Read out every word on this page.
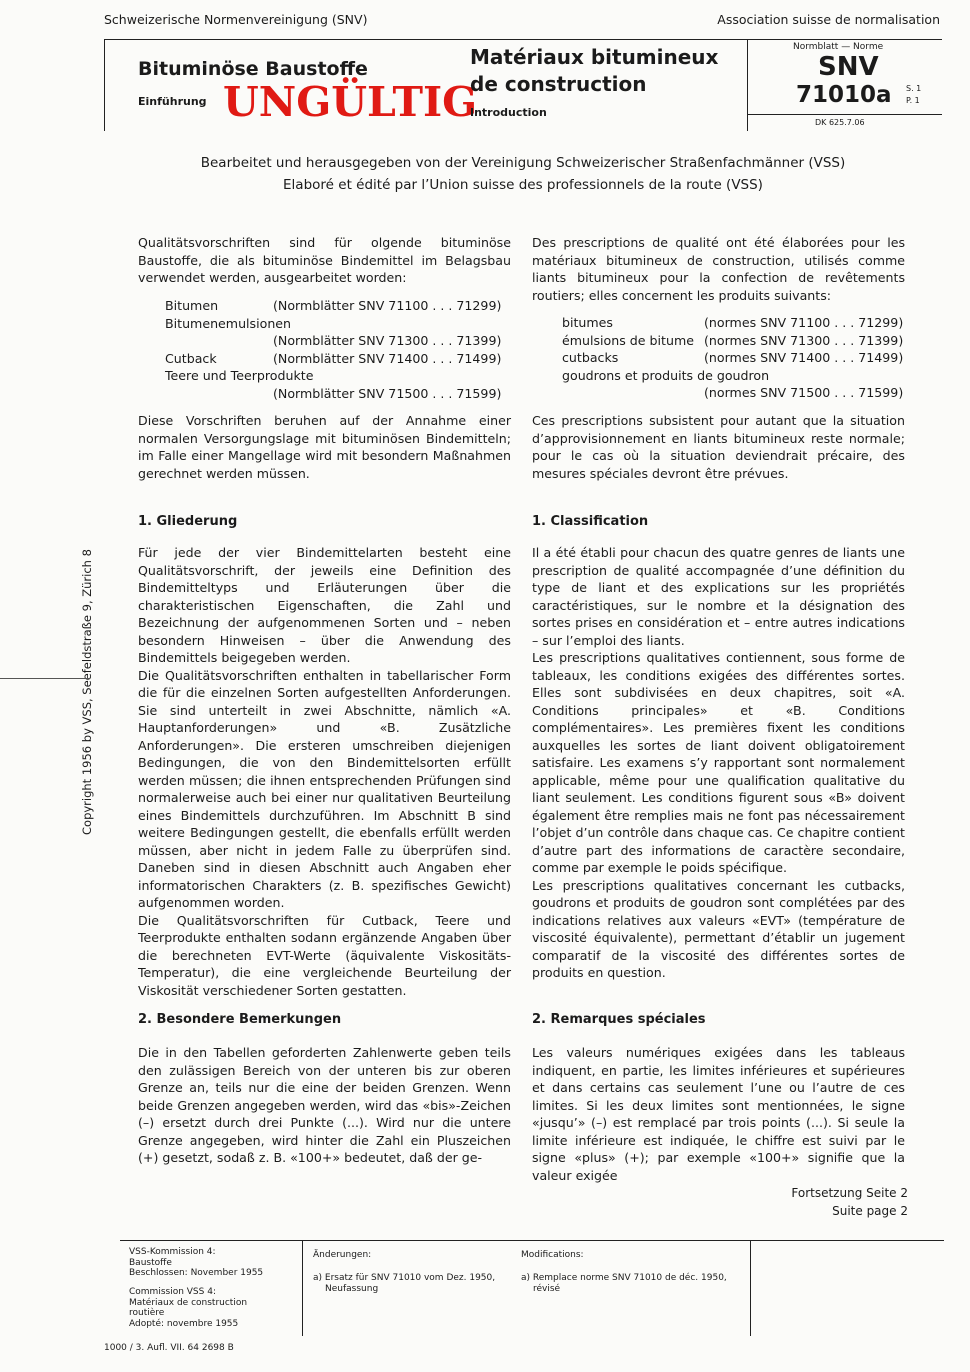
Schweizerische Normenvereinigung (SNV)	Association suisse de normalisation
Bituminöse Baustoffe
Einführung UNGÜLTIG
Matériaux bitumineux de construction
Introduction
Normblatt — Norme
SNV
71010a S. 1
P. 1
DK 625.7.06
Bearbeitet und herausgegeben von der Vereinigung Schweizerischer Straßenfachmänner (VSS)
Elaboré et édité par l’Union suisse des professionnels de la route (VSS)

Qualitätsvorschriften sind für olgende bituminöse Baustoffe, die als bituminöse Bindemittel im Belagsbau verwendet werden, ausgearbeitet worden:

Bitumen	(Normblätter SNV 71100 . . . 71299)
Bitumenemulsionen
(Normblätter SNV 71300 . . . 71399)
Cutback	(Normblätter SNV 71400 . . . 71499)
Teere und Teerprodukte
(Normblätter SNV 71500 . . . 71599)

Diese Vorschriften beruhen auf der Annahme einer normalen Versorgungslage mit bituminösen Bindemitteln; im Falle einer Mangellage wird mit besondern Maßnahmen gerechnet werden müssen.

1. Gliederung

Für jede der vier Bindemittelarten besteht eine Qualitätsvorschrift, der jeweils eine Definition des Bindemitteltyps und Erläuterungen über die charakteristischen Eigenschaften, die Zahl und Bezeichnung der aufgenommenen Sorten und – neben besondern Hinweisen – über die Anwendung des Bindemittels beigegeben werden.

Die Qualitätsvorschriften enthalten in tabellarischer Form die für die einzelnen Sorten aufgestellten Anforderungen. Sie sind unterteilt in zwei Abschnitte, nämlich «A. Hauptanforderungen» und «B. Zusätzliche Anforderungen». Die ersteren umschreiben diejenigen Bedingungen, die von den Bindemittelsorten erfüllt werden müssen; die ihnen entsprechenden Prüfungen sind normalerweise auch bei einer nur qualitativen Beurteilung eines Bindemittels durchzuführen. Im Abschnitt B sind weitere Bedingungen gestellt, die ebenfalls erfüllt werden müssen, aber nicht in jedem Falle zu überprüfen sind. Daneben sind in diesen Abschnitt auch Angaben eher informatorischen Charakters (z. B. spezifisches Gewicht) aufgenommen worden.

Die Qualitätsvorschriften für Cutback, Teere und Teerprodukte enthalten sodann ergänzende Angaben über die berechneten EVT-Werte (äquivalente Viskositäts-Temperatur), die eine vergleichende Beurteilung der Viskosität verschiedener Sorten gestatten.

2. Besondere Bemerkungen

Die in den Tabellen geforderten Zahlenwerte geben teils den zulässigen Bereich von der unteren bis zur oberen Grenze an, teils nur die eine der beiden Grenzen. Wenn beide Grenzen angegeben werden, wird das «bis»-Zeichen (–) ersetzt durch drei Punkte (...). Wird nur die untere Grenze angegeben, wird hinter die Zahl ein Pluszeichen (+) gesetzt, sodaß z. B. «100+» bedeutet, daß der ge-

Des prescriptions de qualité ont été élaborées pour les matériaux bitumineux de construction, utilisés comme liants bitumineux pour la confection de revêtements routiers; elles concernent les produits suivants:

bitumes	(normes SNV 71100 . . . 71299)
émulsions de bitume (normes SNV 71300 . . . 71399)
cutbacks	(normes SNV 71400 . . . 71499)
goudrons et produits de goudron
(normes SNV 71500 . . . 71599)

Ces prescriptions subsistent pour autant que la situation d’approvisionnement en liants bitumineux reste normale; pour le cas où la situation deviendrait précaire, des mesures spéciales devront être prévues.

1. Classification

Il a été établi pour chacun des quatre genres de liants une prescription de qualité accompagnée d’une définition du type de liant et des explications sur les propriétés caractéristiques, sur le nombre et la désignation des sortes prises en considération et – entre autres indications – sur l’emploi des liants.

Les prescriptions qualitatives contiennent, sous forme de tableaux, les conditions exigées des différentes sortes. Elles sont subdivisées en deux chapitres, soit «A. Conditions principales» et «B. Conditions complémentaires». Les premières fixent les conditions auxquelles les sortes de liant doivent obligatoirement satisfaire. Les examens s’y rapportant sont normalement applicable, même pour une qualification qualitative du liant seulement. Les conditions figurent sous «B» doivent également être remplies mais ne font pas nécessairement l’objet d’un contrôle dans chaque cas. Ce chapitre contient d’autre part des informations de caractère secondaire, comme par exemple le poids spécifique.

Les prescriptions qualitatives concernant les cutbacks, goudrons et produits de goudron sont complétées par des indications relatives aux valeurs «EVT» (température de viscosité équivalente), permettant d’établir un jugement comparatif de la viscosité des différentes sortes de produits en question.

2. Remarques spéciales

Les valeurs numériques exigées dans les tableaus indiquent, en partie, les limites inférieures et supérieures et dans certains cas seulement l’une ou l’autre de ces limites. Si les deux limites sont mentionnées, le signe «jusqu’» (–) est remplacé par trois points (...). Si seule la limite inférieure est indiquée, le chiffre est suivi par le signe «plus» (+); par exemple «100+» signifie que la valeur exigée

Fortsetzung Seite 2
Suite page 2
VSS-Kommission 4:
Baustoffe
Beschlossen: November 1955
Commission VSS 4:
Matériaux de construction
routière
Adopté: novembre 1955
Änderungen:
a) Ersatz für SNV 71010 vom Dez. 1950,
Neufassung
Modifications:
a) Remplace norme SNV 71010 de déc. 1950,
révisé
1000 / 3. Aufl. VII. 64 2698 B
Copyright 1956 by VSS, Seefeldstraße 9, Zürich 8
